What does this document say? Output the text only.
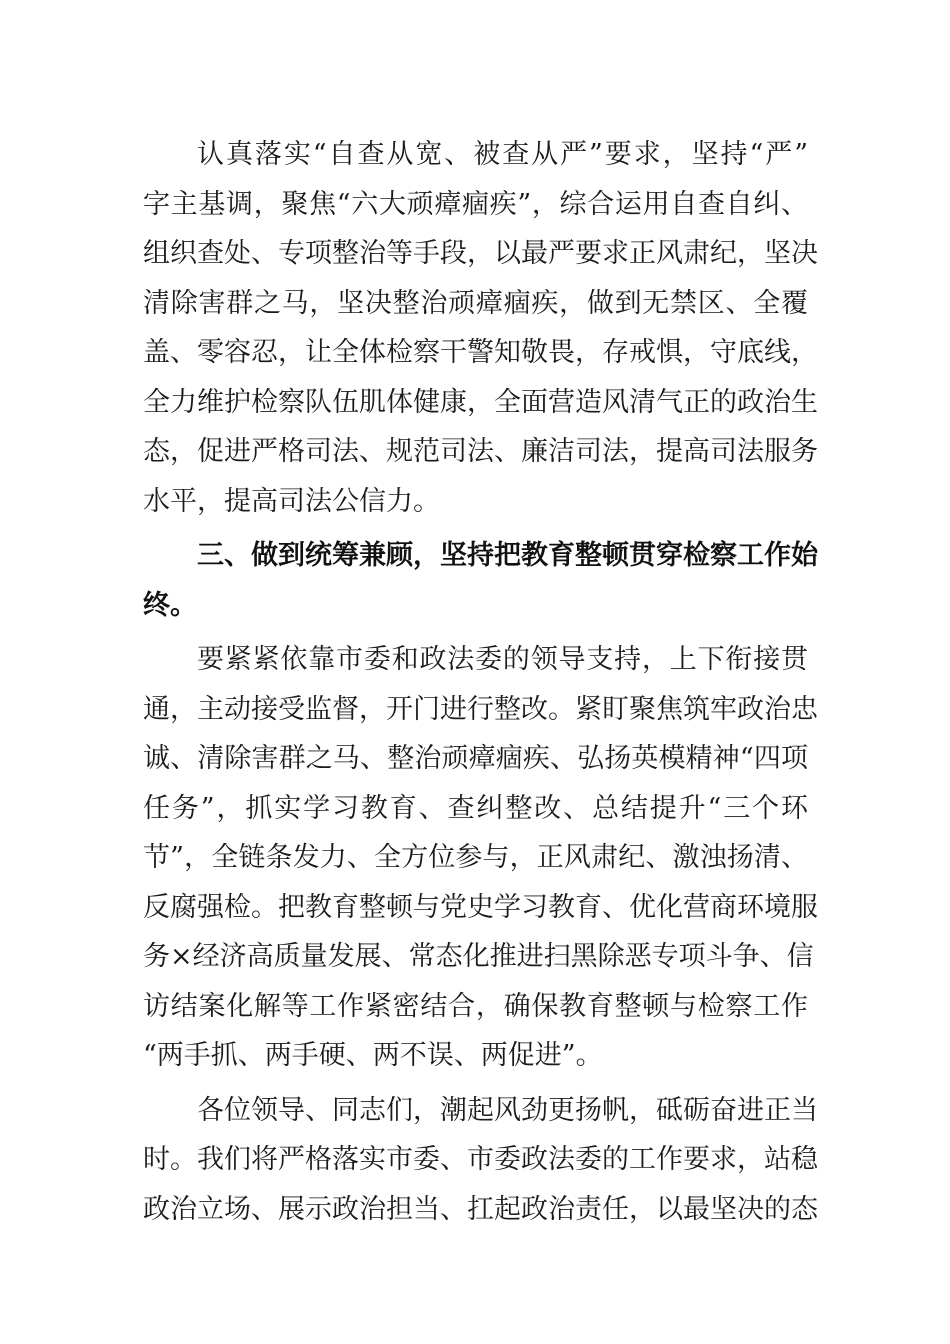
认真落实“自查从宽、被查从严”要求，坚持“严”
字主基调，聚焦“六大顽瘴痼疾”，综合运用自查自纠、
组织查处、专项整治等手段，以最严要求正风肃纪，坚决
清除害群之马，坚决整治顽瘴痼疾，做到无禁区、全覆
盖、零容忍，让全体检察干警知敬畏，存戒惧，守底线，
全力维护检察队伍肌体健康，全面营造风清气正的政治生
态，促进严格司法、规范司法、廉洁司法，提高司法服务
水平，提高司法公信力。
三、做到统筹兼顾，坚持把教育整顿贯穿检察工作始
终。
要紧紧依靠市委和政法委的领导支持，上下衔接贯
通，主动接受监督，开门进行整改。紧盯聚焦筑牢政治忠
诚、清除害群之马、整治顽瘴痼疾、弘扬英模精神“四项
任务”，抓实学习教育、查纠整改、总结提升“三个环
节”，全链条发力、全方位参与，正风肃纪、激浊扬清、
反腐强检。把教育整顿与党史学习教育、优化营商环境服
务×经济高质量发展、常态化推进扫黑除恶专项斗争、信
访结案化解等工作紧密结合，确保教育整顿与检察工作
“两手抓、两手硬、两不误、两促进”。
各位领导、同志们，潮起风劲更扬帆，砥砺奋进正当
时。我们将严格落实市委、市委政法委的工作要求，站稳
政治立场、展示政治担当、扛起政治责任，以最坚决的态
